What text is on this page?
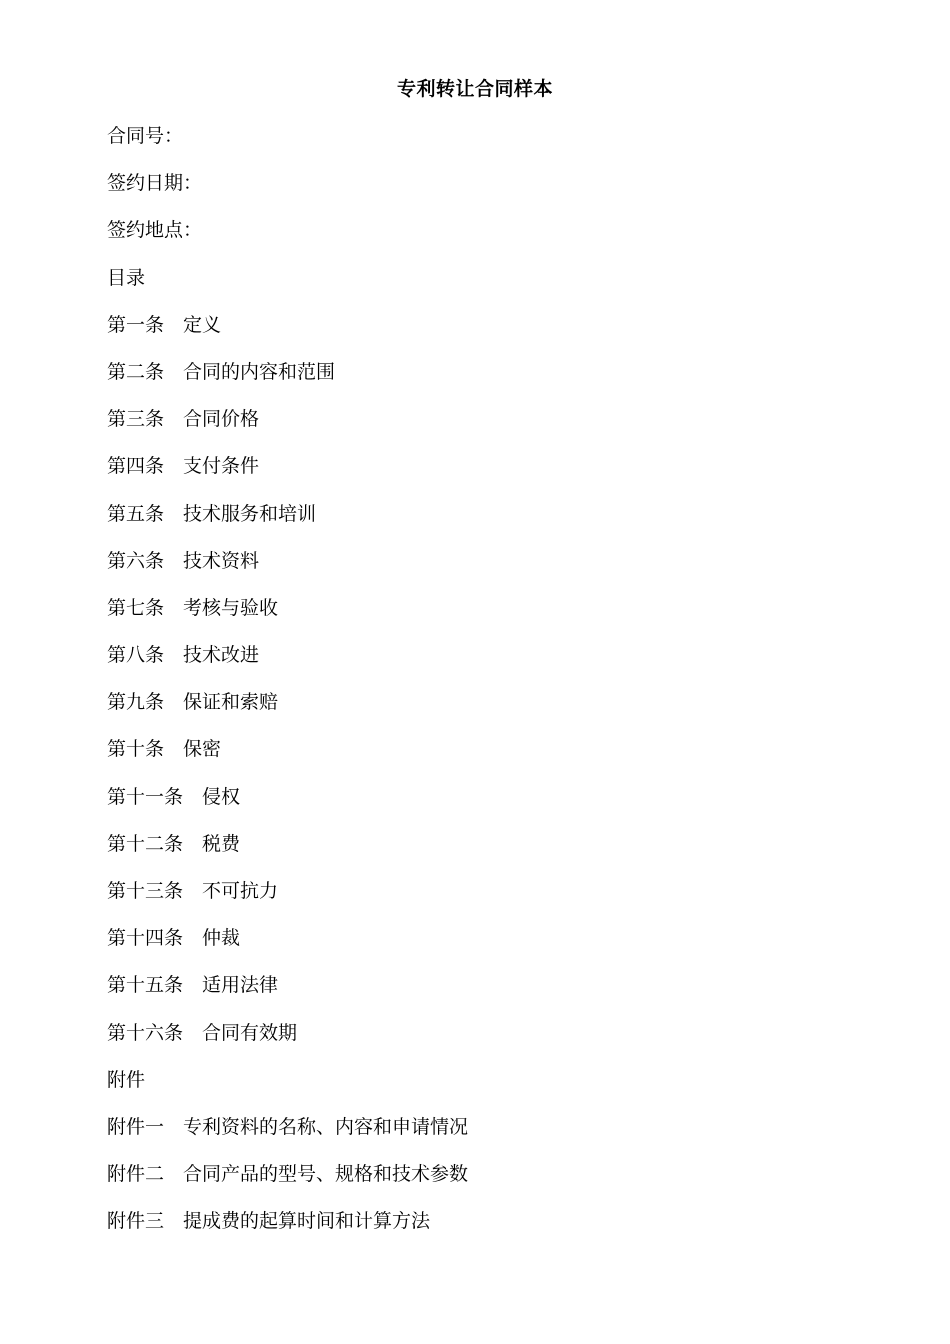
专利转让合同样本
合同号：
签约日期：
签约地点：
目录
第一条　定义
第二条　合同的内容和范围
第三条　合同价格
第四条　支付条件
第五条　技术服务和培训
第六条　技术资料
第七条　考核与验收
第八条　技术改进
第九条　保证和索赔
第十条　保密
第十一条　侵权
第十二条　税费
第十三条　不可抗力
第十四条　仲裁
第十五条　适用法律
第十六条　合同有效期
附件
附件一　专利资料的名称、内容和申请情况
附件二　合同产品的型号、规格和技术参数
附件三　提成费的起算时间和计算方法
